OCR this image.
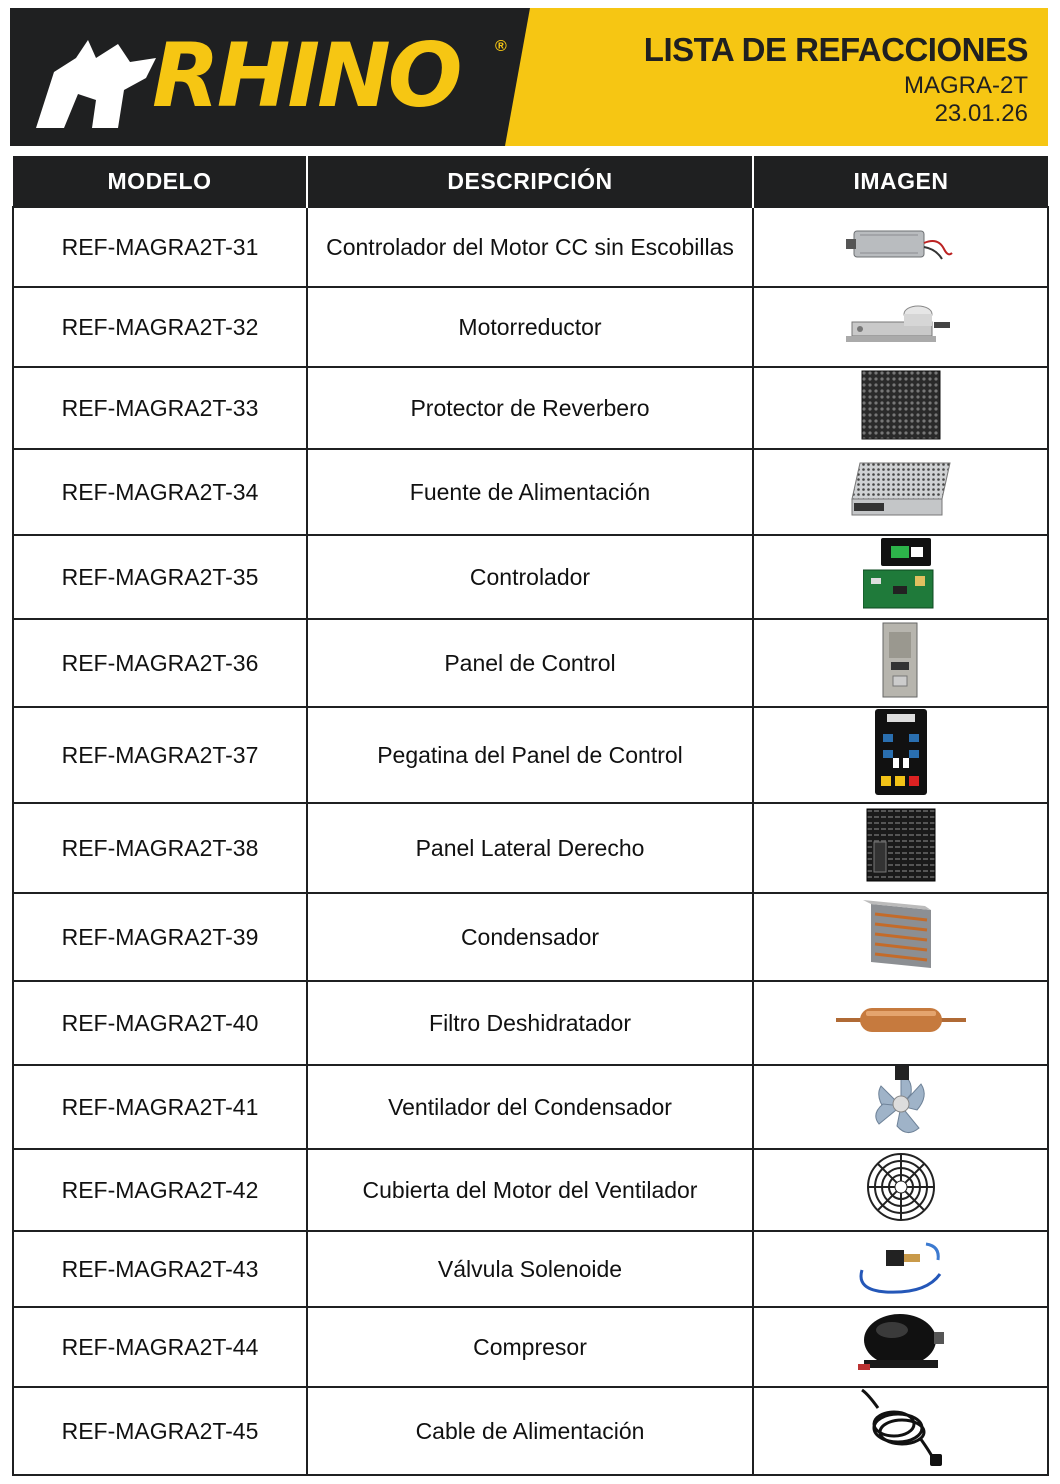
RHINO ®	LISTA DE REFACCIONES
MAGRA-2T
23.01.26
MODELO	DESCRIPCIÓN	IMAGEN
REF-MAGRA2T-31	Controlador del Motor CC sin Escobillas	
REF-MAGRA2T-32	Motorreductor	
REF-MAGRA2T-33	Protector de Reverbero	
REF-MAGRA2T-34	Fuente de Alimentación	
REF-MAGRA2T-35	Controlador	
REF-MAGRA2T-36	Panel de Control	
REF-MAGRA2T-37	Pegatina del Panel de Control	
REF-MAGRA2T-38	Panel Lateral Derecho	
REF-MAGRA2T-39	Condensador	
REF-MAGRA2T-40	Filtro Deshidratador	
REF-MAGRA2T-41	Ventilador del Condensador	
REF-MAGRA2T-42	Cubierta del Motor del Ventilador	
REF-MAGRA2T-43	Válvula Solenoide	
REF-MAGRA2T-44	Compresor	
REF-MAGRA2T-45	Cable de Alimentación	
